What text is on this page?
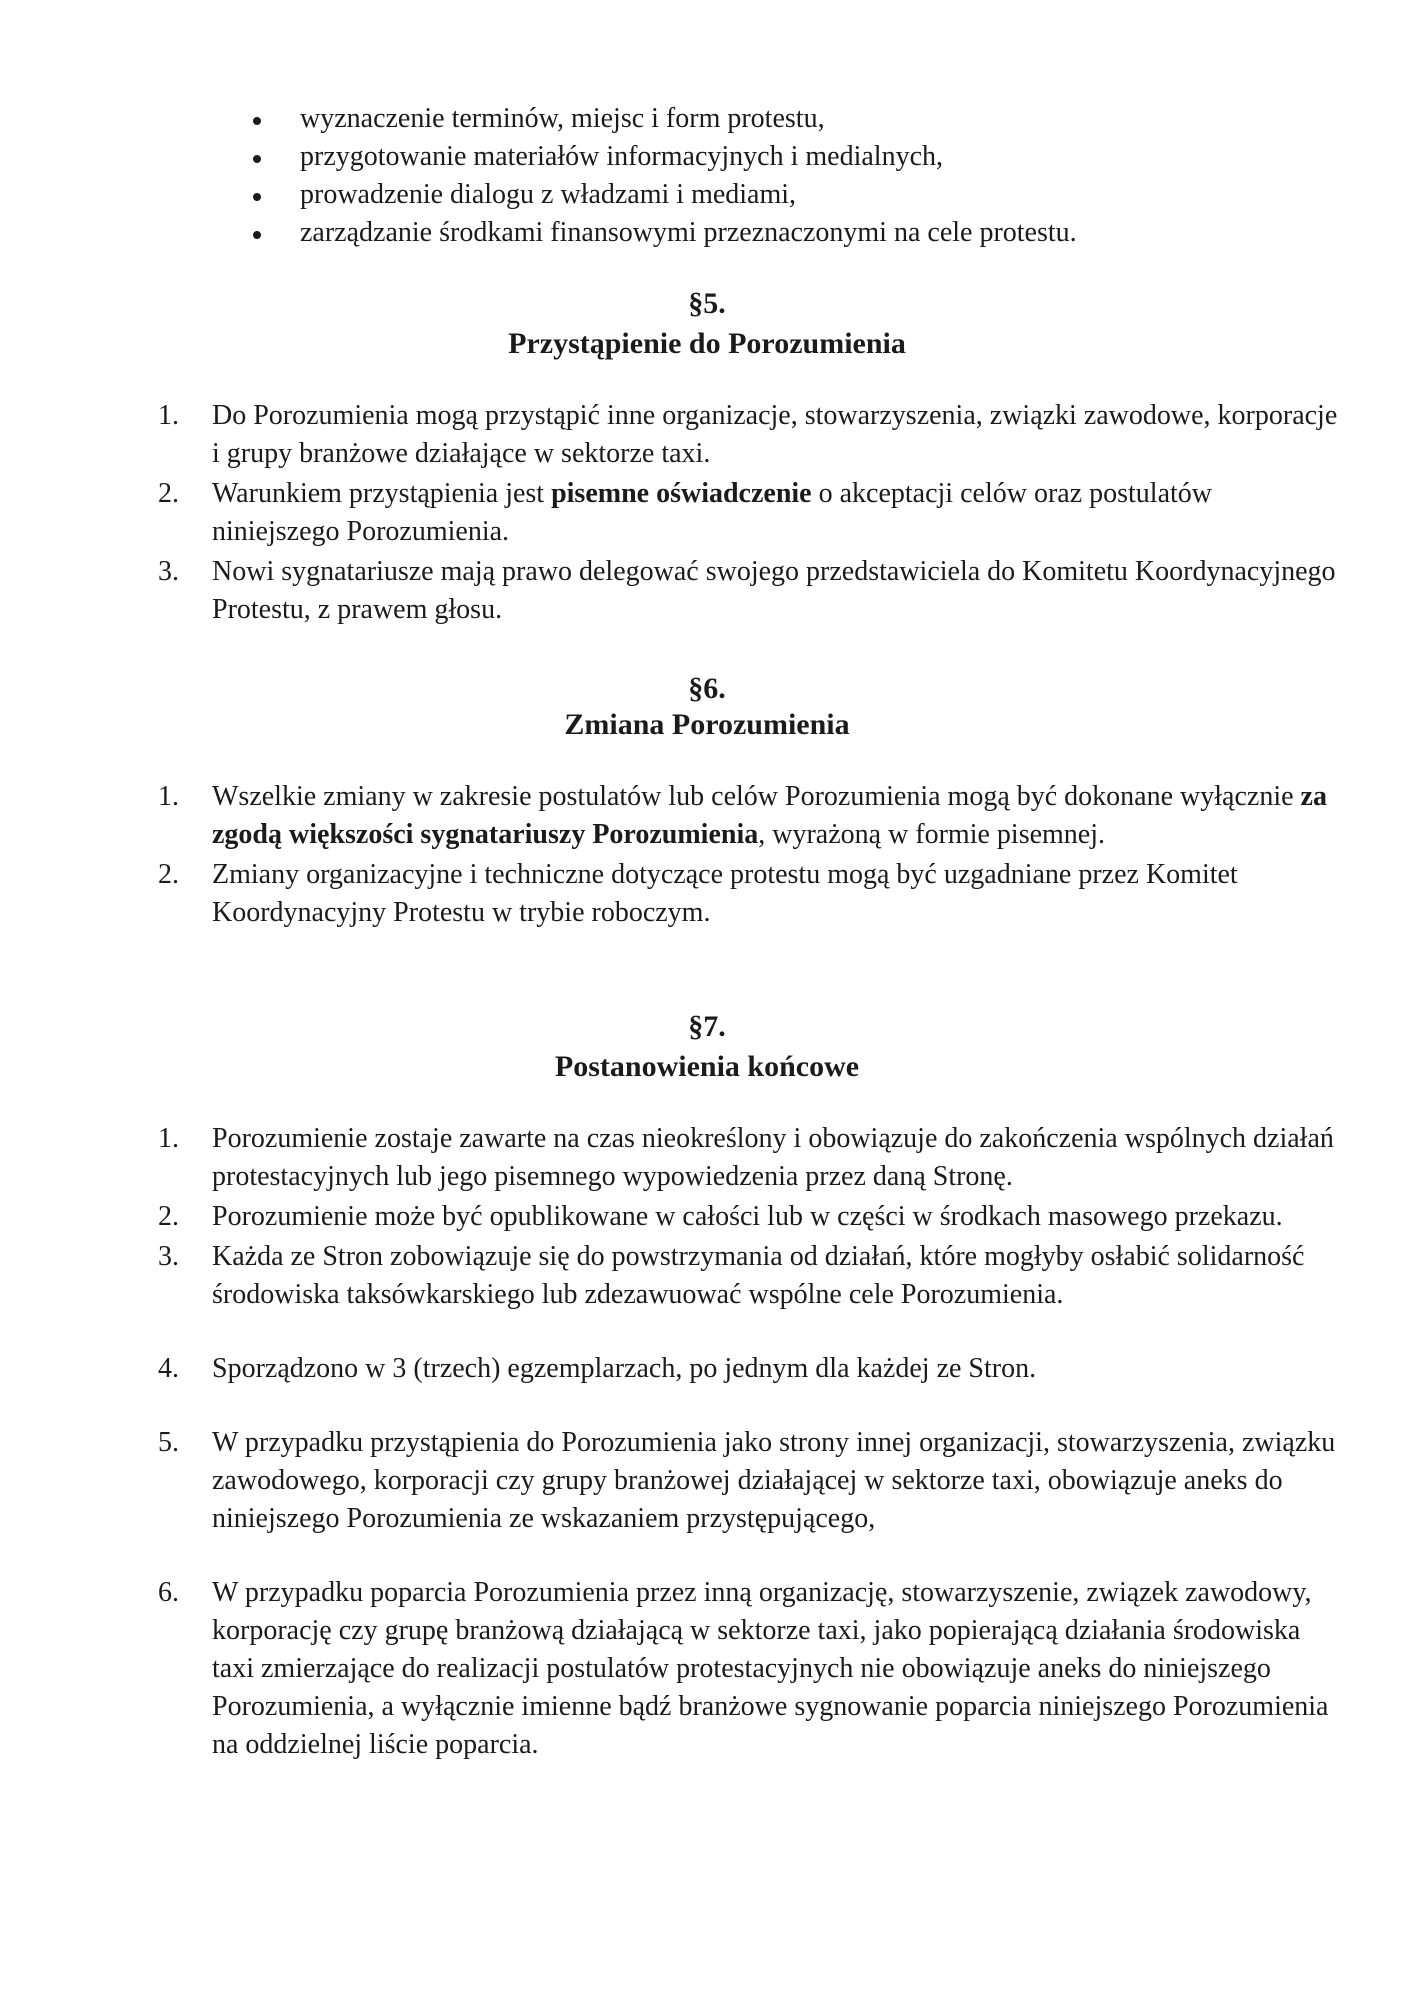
wyznaczenie terminów, miejsc i form protestu,
przygotowanie materiałów informacyjnych i medialnych,
prowadzenie dialogu z władzami i mediami,
zarządzanie środkami finansowymi przeznaczonymi na cele protestu.
§5.
Przystąpienie do Porozumienia
1. Do Porozumienia mogą przystąpić inne organizacje, stowarzyszenia, związki zawodowe, korporacje i grupy branżowe działające w sektorze taxi.
2. Warunkiem przystąpienia jest pisemne oświadczenie o akceptacji celów oraz postulatów niniejszego Porozumienia.
3. Nowi sygnatariusze mają prawo delegować swojego przedstawiciela do Komitetu Koordynacyjnego Protestu, z prawem głosu.
§6.
Zmiana Porozumienia
1. Wszelkie zmiany w zakresie postulatów lub celów Porozumienia mogą być dokonane wyłącznie za zgodą większości sygnatariuszy Porozumienia, wyrażoną w formie pisemnej.
2. Zmiany organizacyjne i techniczne dotyczące protestu mogą być uzgadniane przez Komitet Koordynacyjny Protestu w trybie roboczym.
§7.
Postanowienia końcowe
1. Porozumienie zostaje zawarte na czas nieokreślony i obowiązuje do zakończenia wspólnych działań protestacyjnych lub jego pisemnego wypowiedzenia przez daną Stronę.
2. Porozumienie może być opublikowane w całości lub w części w środkach masowego przekazu.
3. Każda ze Stron zobowiązuje się do powstrzymania od działań, które mogłyby osłabić solidarność środowiska taksówkarskiego lub zdezawuować wspólne cele Porozumienia.
4. Sporządzono w 3 (trzech) egzemplarzach, po jednym dla każdej ze Stron.
5. W przypadku przystąpienia do Porozumienia jako strony innej organizacji, stowarzyszenia, związku zawodowego, korporacji czy grupy branżowej działającej w sektorze taxi, obowiązuje aneks do niniejszego Porozumienia ze wskazaniem przystępującego,
6. W przypadku poparcia Porozumienia przez inną organizację, stowarzyszenie, związek zawodowy, korporację czy grupę branżową działającą w sektorze taxi, jako popierającą działania środowiska taxi zmierzające do realizacji postulatów protestacyjnych nie obowiązuje aneks do niniejszego Porozumienia, a wyłącznie imienne bądź branżowe sygnowanie poparcia niniejszego Porozumienia na oddzielnej liście poparcia.
